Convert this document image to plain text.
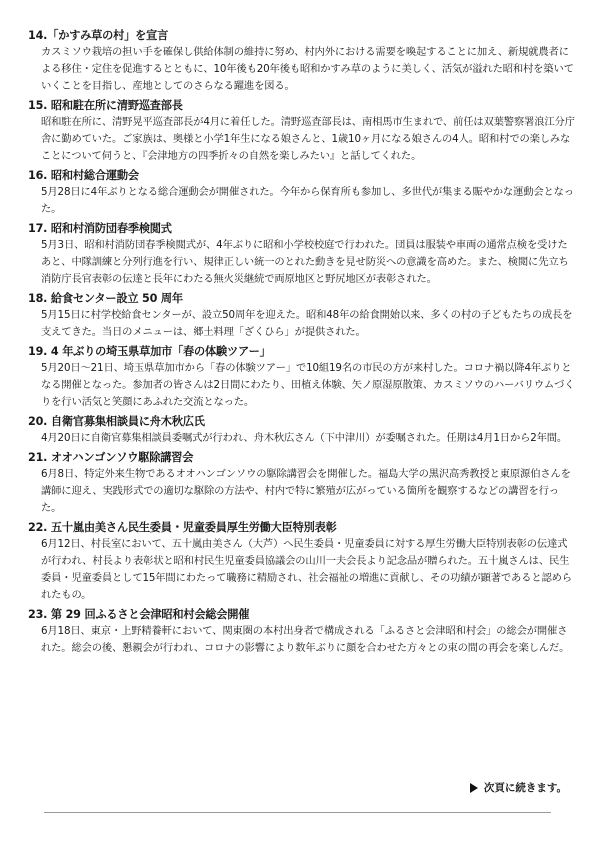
14.「かすみ草の村」を宣言
カスミソウ栽培の担い手を確保し供給体制の維持に努め、村内外における需要を喚起することに加え、新規就農者による移住・定住を促進するとともに、10年後も20年後も昭和かすみ草のように美しく、活気が溢れた昭和村を築いていくことを目指し、産地としてのさらなる躍進を図る。
15. 昭和駐在所に清野巡査部長
昭和駐在所に、清野晃平巡査部長が4月に着任した。清野巡査部長は、南相馬市生まれで、前任は双葉警察署浪江分庁舎に勤めていた。ご家族は、奥様と小学1年生になる娘さんと、1歳10ヶ月になる娘さんの4人。昭和村での楽しみなことについて伺うと、『会津地方の四季折々の自然を楽しみたい』と話してくれた。
16. 昭和村総合運動会
5月28日に4年ぶりとなる総合運動会が開催された。今年から保育所も参加し、多世代が集まる賑やかな運動会となった。
17. 昭和村消防団春季検閲式
5月3日、昭和村消防団春季検閲式が、4年ぶりに昭和小学校校庭で行われた。団員は服装や車両の通常点検を受けたあと、中隊訓練と分列行進を行い、規律正しい統一のとれた動きを見せ防災への意識を高めた。また、検閲に先立ち消防庁長官表彰の伝達と長年にわたる無火災継続で両原地区と野尻地区が表彰された。
18. 給食センター設立 50 周年
5月15日に村学校給食センターが、設立50周年を迎えた。昭和48年の給食開始以来、多くの村の子どもたちの成長を支えてきた。当日のメニューは、郷土料理「ざくひら」が提供された。
19. 4 年ぶりの埼玉県草加市「春の体験ツアー」
5月20日～21日、埼玉県草加市から「春の体験ツアー」で10組19名の市民の方が来村した。コロナ禍以降4年ぶりとなる開催となった。参加者の皆さんは2日間にわたり、田植え体験、矢ノ原湿原散策、カスミソウのハーバリウムづくりを行い活気と笑顔にあふれた交流となった。
20. 自衛官募集相談員に舟木秋広氏
4月20日に自衛官募集相談員委嘱式が行われ、舟木秋広さん（下中津川）が委嘱された。任期は4月1日から2年間。
21. オオハンゴンソウ駆除講習会
6月8日、特定外来生物であるオオハンゴンソウの駆除講習会を開催した。福島大学の黒沢高秀教授と東原源伯さんを講師に迎え、実践形式での適切な駆除の方法や、村内で特に繁殖が広がっている箇所を観察するなどの講習を行った。
22. 五十嵐由美さん民生委員・児童委員厚生労働大臣特別表彰
6月12日、村長室において、五十嵐由美さん（大芦）へ民生委員・児童委員に対する厚生労働大臣特別表彰の伝達式が行われ、村長より表彰状と昭和村民生児童委員協議会の山川一夫会長より記念品が贈られた。五十嵐さんは、民生委員・児童委員として15年間にわたって職務に精励され、社会福祉の増進に貢献し、その功績が顕著であると認められたもの。
23. 第 29 回ふるさと会津昭和村会総会開催
6月18日、東京・上野精養軒において、関東圏の本村出身者で構成される「ふるさと会津昭和村会」の総会が開催された。総会の後、懇親会が行われ、コロナの影響により数年ぶりに顔を合わせた方々との束の間の再会を楽しんだ。
次頁に続きます。
